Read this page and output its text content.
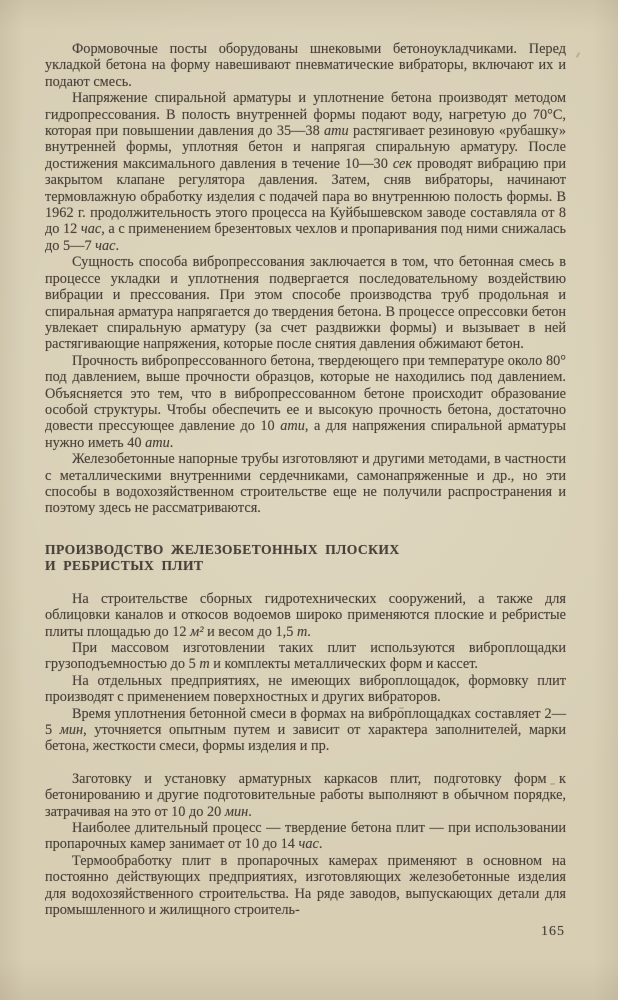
Формовочные посты оборудованы шнековыми бетоноукладчиками. Перед укладкой бетона на форму навешивают пневматические вибраторы, включают их и подают смесь.

Напряжение спиральной арматуры и уплотнение бетона производят методом гидропрессования. В полость внутренней формы подают воду, нагретую до 70°С, которая при повышении давления до 35—38 ати растягивает резиновую «рубашку» внутренней формы, уплотняя бетон и напрягая спиральную арматуру. После достижения максимального давления в течение 10—30 сек проводят вибрацию при закрытом клапане регулятора давления. Затем, сняв вибраторы, начинают термовлажную обработку изделия с подачей пара во внутреннюю полость формы. В 1962 г. продолжительность этого процесса на Куйбышевском заводе составляла от 8 до 12 час, а с применением брезентовых чехлов и пропаривания под ними снижалась до 5—7 час.

Сущность способа вибропрессования заключается в том, что бетонная смесь в процессе укладки и уплотнения подвергается последовательному воздействию вибрации и прессования. При этом способе производства труб продольная и спиральная арматура напрягается до твердения бетона. В процессе опрессовки бетон увлекает спиральную арматуру (за счет раздвижки формы) и вызывает в ней растягивающие напряжения, которые после снятия давления обжимают бетон.

Прочность вибропрессованного бетона, твердеющего при температуре около 80° под давлением, выше прочности образцов, которые не находились под давлением. Объясняется это тем, что в вибропрессованном бетоне происходит образование особой структуры. Чтобы обеспечить ее и высокую прочность бетона, достаточно довести прессующее давление до 10 ати, а для напряжения спиральной арматуры нужно иметь 40 ати.

Железобетонные напорные трубы изготовляют и другими методами, в частности с металлическими внутренними сердечниками, самонапряженные и др., но эти способы в водохозяйственном строительстве еще не получили распространения и поэтому здесь не рассматриваются.

ПРОИЗВОДСТВО ЖЕЛЕЗОБЕТОННЫХ ПЛОСКИХ
И РЕБРИСТЫХ ПЛИТ

На строительстве сборных гидротехнических сооружений, а также для облицовки каналов и откосов водоемов широко применяются плоские и ребристые плиты площадью до 12 м² и весом до 1,5 т.

При массовом изготовлении таких плит используются виброплощадки грузоподъемностью до 5 т и комплекты металлических форм и кассет.

На отдельных предприятиях, не имеющих виброплощадок, формовку плит производят с применением поверхностных и других вибраторов.

Время уплотнения бетонной смеси в формах на виброплощадках составляет 2—5 мин, уточняется опытным путем и зависит от характера заполнителей, марки бетона, жесткости смеси, формы изделия и пр.

Заготовку и установку арматурных каркасов плит, подготовку форм к бетонированию и другие подготовительные работы выполняют в обычном порядке, затрачивая на это от 10 до 20 мин.

Наиболее длительный процесс — твердение бетона плит — при использовании пропарочных камер занимает от 10 до 14 час.

Термообработку плит в пропарочных камерах применяют в основном на постоянно действующих предприятиях, изготовляющих железобетонные изделия для водохозяйственного строительства. На ряде заводов, выпускающих детали для промышленного и жилищного строитель-

165
